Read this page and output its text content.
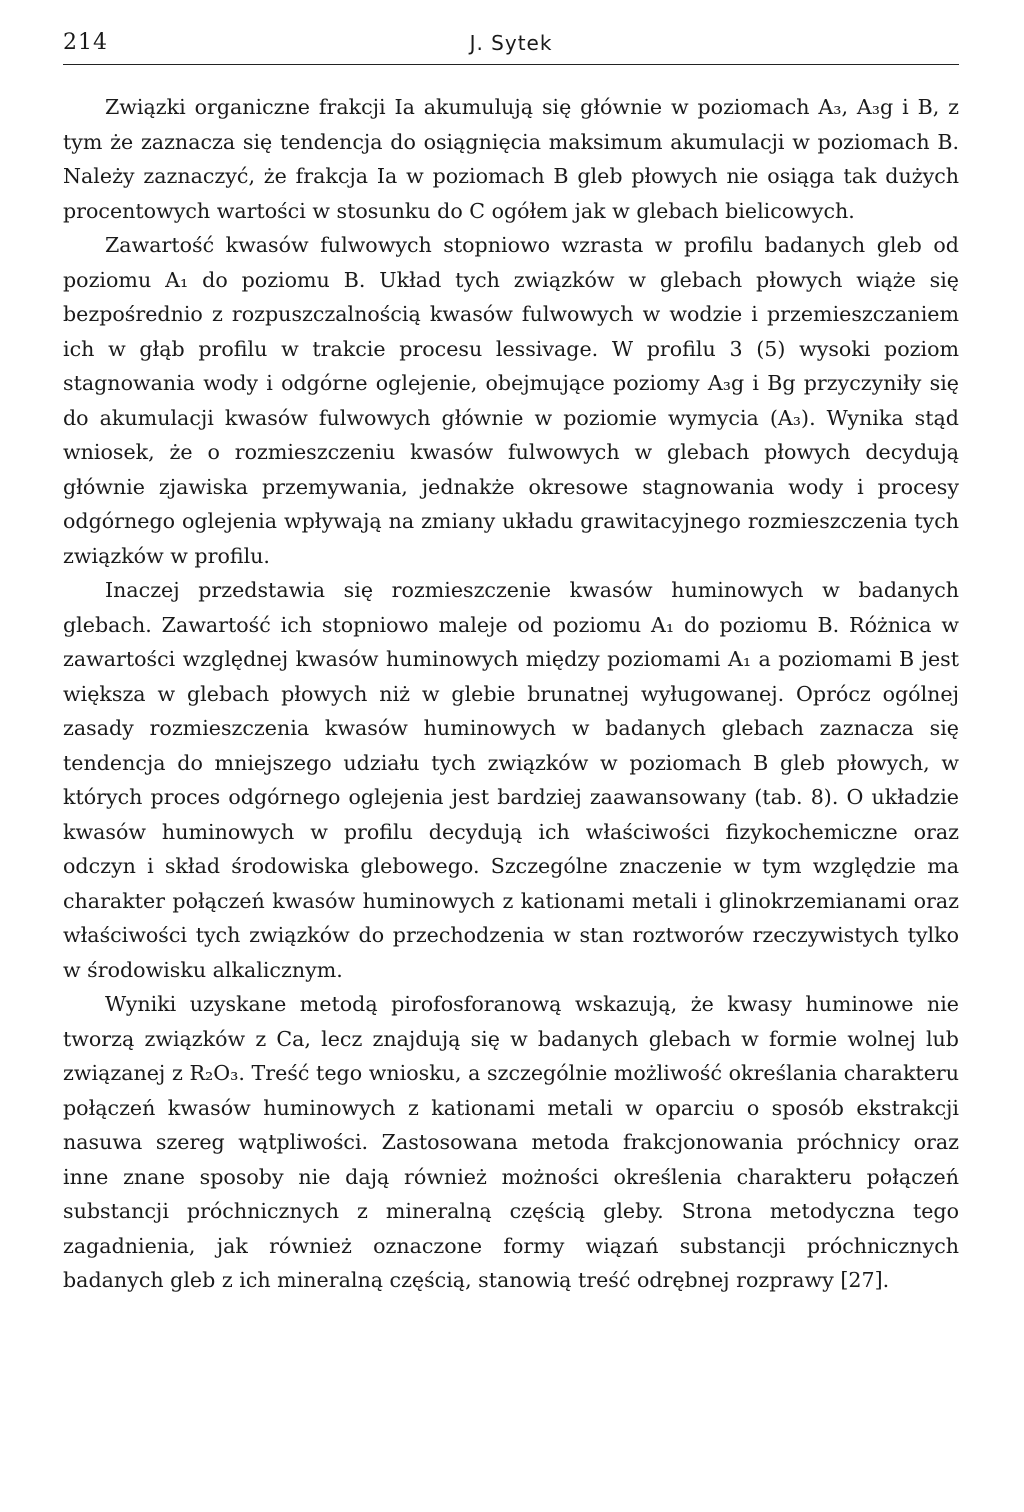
214	J. Sytek

Związki organiczne frakcji Ia akumulują się głównie w poziomach A₃, A₃g i B, z tym że zaznacza się tendencja do osiągnięcia maksimum akumulacji w poziomach B. Należy zaznaczyć, że frakcja Ia w poziomach B gleb płowych nie osiąga tak dużych procentowych wartości w stosunku do C ogółem jak w glebach bielicowych.

Zawartość kwasów fulwowych stopniowo wzrasta w profilu badanych gleb od poziomu A₁ do poziomu B. Układ tych związków w glebach płowych wiąże się bezpośrednio z rozpuszczalnością kwasów fulwowych w wodzie i przemieszczaniem ich w głąb profilu w trakcie procesu lessivage. W profilu 3 (5) wysoki poziom stagnowania wody i odgórne oglejenie, obejmujące poziomy A₃g i Bg przyczyniły się do akumulacji kwasów fulwowych głównie w poziomie wymycia (A₃). Wynika stąd wniosek, że o rozmieszczeniu kwasów fulwowych w glebach płowych decydują głównie zjawiska przemywania, jednakże okresowe stagnowania wody i procesy odgórnego oglejenia wpływają na zmiany układu grawitacyjnego rozmieszczenia tych związków w profilu.

Inaczej przedstawia się rozmieszczenie kwasów huminowych w badanych glebach. Zawartość ich stopniowo maleje od poziomu A₁ do poziomu B. Różnica w zawartości względnej kwasów huminowych między poziomami A₁ a poziomami B jest większa w glebach płowych niż w glebie brunatnej wyługowanej. Oprócz ogólnej zasady rozmieszczenia kwasów huminowych w badanych glebach zaznacza się tendencja do mniejszego udziału tych związków w poziomach B gleb płowych, w których proces odgórnego oglejenia jest bardziej zaawansowany (tab. 8). O układzie kwasów huminowych w profilu decydują ich właściwości fizykochemiczne oraz odczyn i skład środowiska glebowego. Szczególne znaczenie w tym względzie ma charakter połączeń kwasów huminowych z kationami metali i glinokrzemianami oraz właściwości tych związków do przechodzenia w stan roztworów rzeczywistych tylko w środowisku alkalicznym.

Wyniki uzyskane metodą pirofosforanową wskazują, że kwasy huminowe nie tworzą związków z Ca, lecz znajdują się w badanych glebach w formie wolnej lub związanej z R₂O₃. Treść tego wniosku, a szczególnie możliwość określania charakteru połączeń kwasów huminowych z kationami metali w oparciu o sposób ekstrakcji nasuwa szereg wątpliwości. Zastosowana metoda frakcjonowania próchnicy oraz inne znane sposoby nie dają również możności określenia charakteru połączeń substancji próchnicznych z mineralną częścią gleby. Strona metodyczna tego zagadnienia, jak również oznaczone formy wiązań substancji próchnicznych badanych gleb z ich mineralną częścią, stanowią treść odrębnej rozprawy [27].
